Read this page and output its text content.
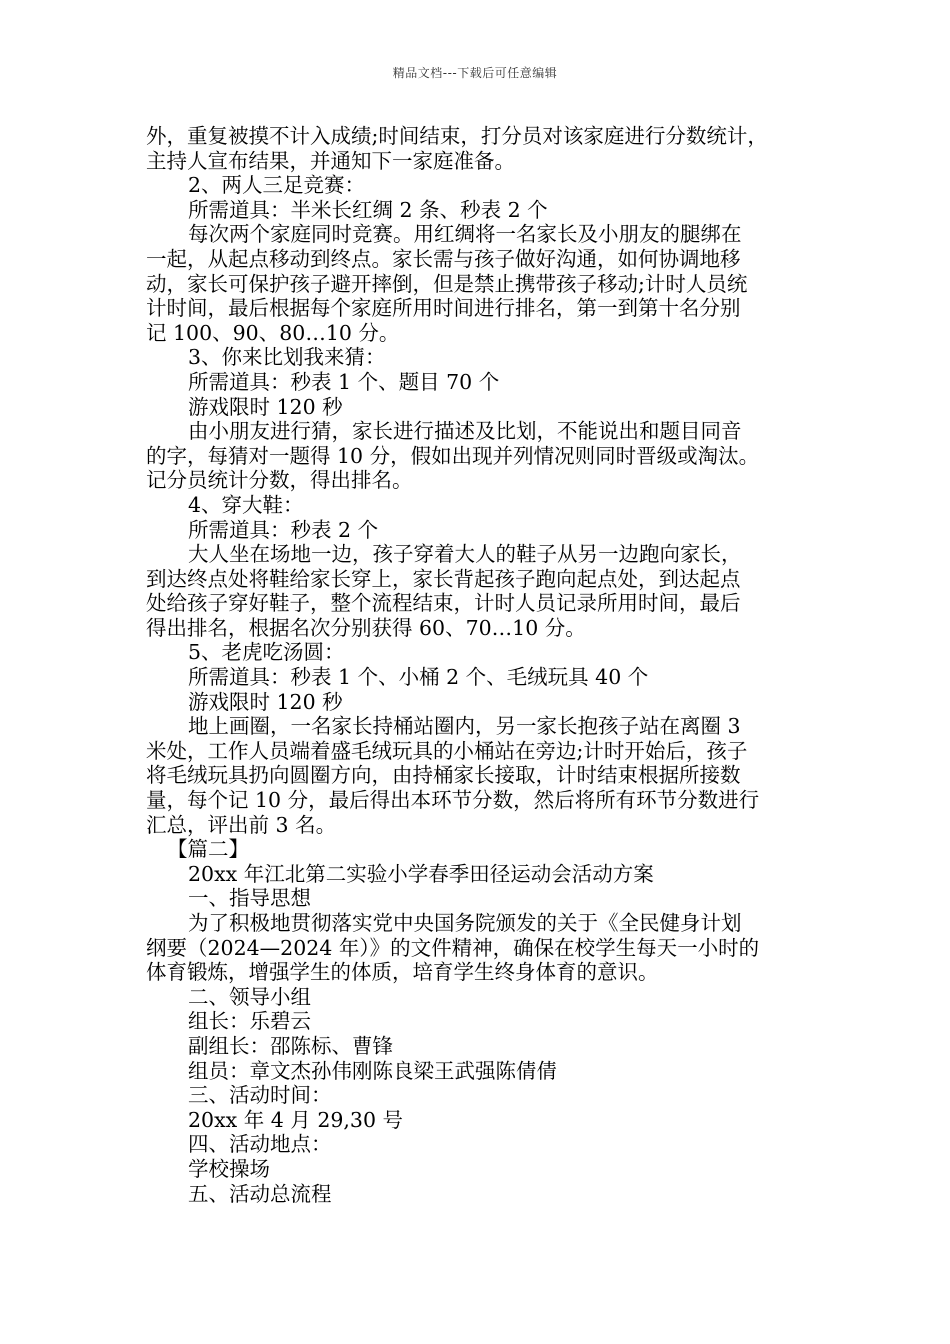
精品文档---下载后可任意编辑
外，重复被摸不计入成绩;时间结束，打分员对该家庭进行分数统计，
主持人宣布结果，并通知下一家庭准备。
2、两人三足竞赛：
所需道具：半米长红绸 2 条、秒表 2 个
每次两个家庭同时竞赛。用红绸将一名家长及小朋友的腿绑在
一起，从起点移动到终点。家长需与孩子做好沟通，如何协调地移
动，家长可保护孩子避开摔倒，但是禁止携带孩子移动;计时人员统
计时间，最后根据每个家庭所用时间进行排名，第一到第十名分别
记 100、90、80…10 分。
3、你来比划我来猜：
所需道具：秒表 1 个、题目 70 个
游戏限时 120 秒
由小朋友进行猜，家长进行描述及比划，不能说出和题目同音
的字，每猜对一题得 10 分，假如出现并列情况则同时晋级或淘汰。
记分员统计分数，得出排名。
4、穿大鞋：
所需道具：秒表 2 个
大人坐在场地一边，孩子穿着大人的鞋子从另一边跑向家长，
到达终点处将鞋给家长穿上，家长背起孩子跑向起点处，到达起点
处给孩子穿好鞋子，整个流程结束，计时人员记录所用时间，最后
得出排名，根据名次分别获得 60、70…10 分。
5、老虎吃汤圆：
所需道具：秒表 1 个、小桶 2 个、毛绒玩具 40 个
游戏限时 120 秒
地上画圈，一名家长持桶站圈内，另一家长抱孩子站在离圈 3
米处，工作人员端着盛毛绒玩具的小桶站在旁边;计时开始后，孩子
将毛绒玩具扔向圆圈方向，由持桶家长接取，计时结束根据所接数
量，每个记 10 分，最后得出本环节分数，然后将所有环节分数进行
汇总，评出前 3 名。
【篇二】
20xx 年江北第二实验小学春季田径运动会活动方案
一、指导思想
为了积极地贯彻落实党中央国务院颁发的关于《全民健身计划
纲要（2024—2024 年）》的文件精神，确保在校学生每天一小时的
体育锻炼，增强学生的体质，培育学生终身体育的意识。
二、领导小组
组长：乐碧云
副组长：邵陈标、曹锋
组员：章文杰孙伟刚陈良梁王武强陈倩倩
三、活动时间：
20xx 年 4 月 29,30 号
四、活动地点：
学校操场
五、活动总流程
